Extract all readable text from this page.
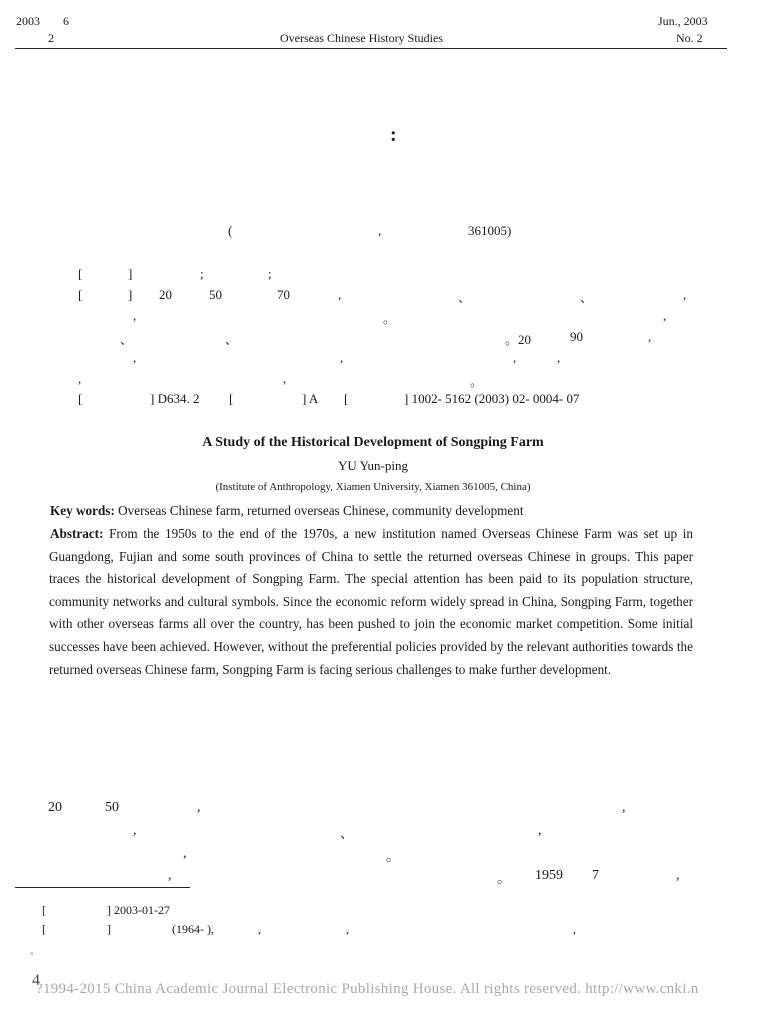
2003 6
2	Overseas Chinese History Studies
Jun., 2003
No. 2
:
(	,	361005)
[	]	;	;
[	] 20	50	70	,	、	、	,
,	。	,
、	、	。20	90	,
,	,	,	,
,	,	。
[	] D634. 2 [	] A [	] 1002- 5162 (2003) 02- 0004- 07
A Study of the Historical Development of Songping Farm
YU Yun-ping
(Institute of Anthropology, Xiamen University, Xiamen 361005, China)
Key words: Overseas Chinese farm, returned overseas Chinese, community development
Abstract: From the 1950s to the end of the 1970s, a new institution named Overseas Chinese Farm was set up in Guangdong, Fujian and some south provinces of China to settle the returned overseas Chinese in groups. This paper traces the historical development of Songping Farm. The special attention has been paid to its population structure, community networks and cultural symbols. Since the economic reform widely spread in China, Songping Farm, together with other overseas farms all over the country, has been pushed to join the economic market competition. Some initial successes have been achieved. However, without the preferential policies provided by the relevant authorities towards the returned overseas Chinese farm, Songping Farm is facing serious challenges to make further development.
20	50	,	,
,	、	,
,	。
,	。 1959 7	,
[	] 2003-01-27
[	]	(1964- ),	,	,	,
。
4
?1994-2015 China Academic Journal Electronic Publishing House. All rights reserved. http://www.cnki.n
